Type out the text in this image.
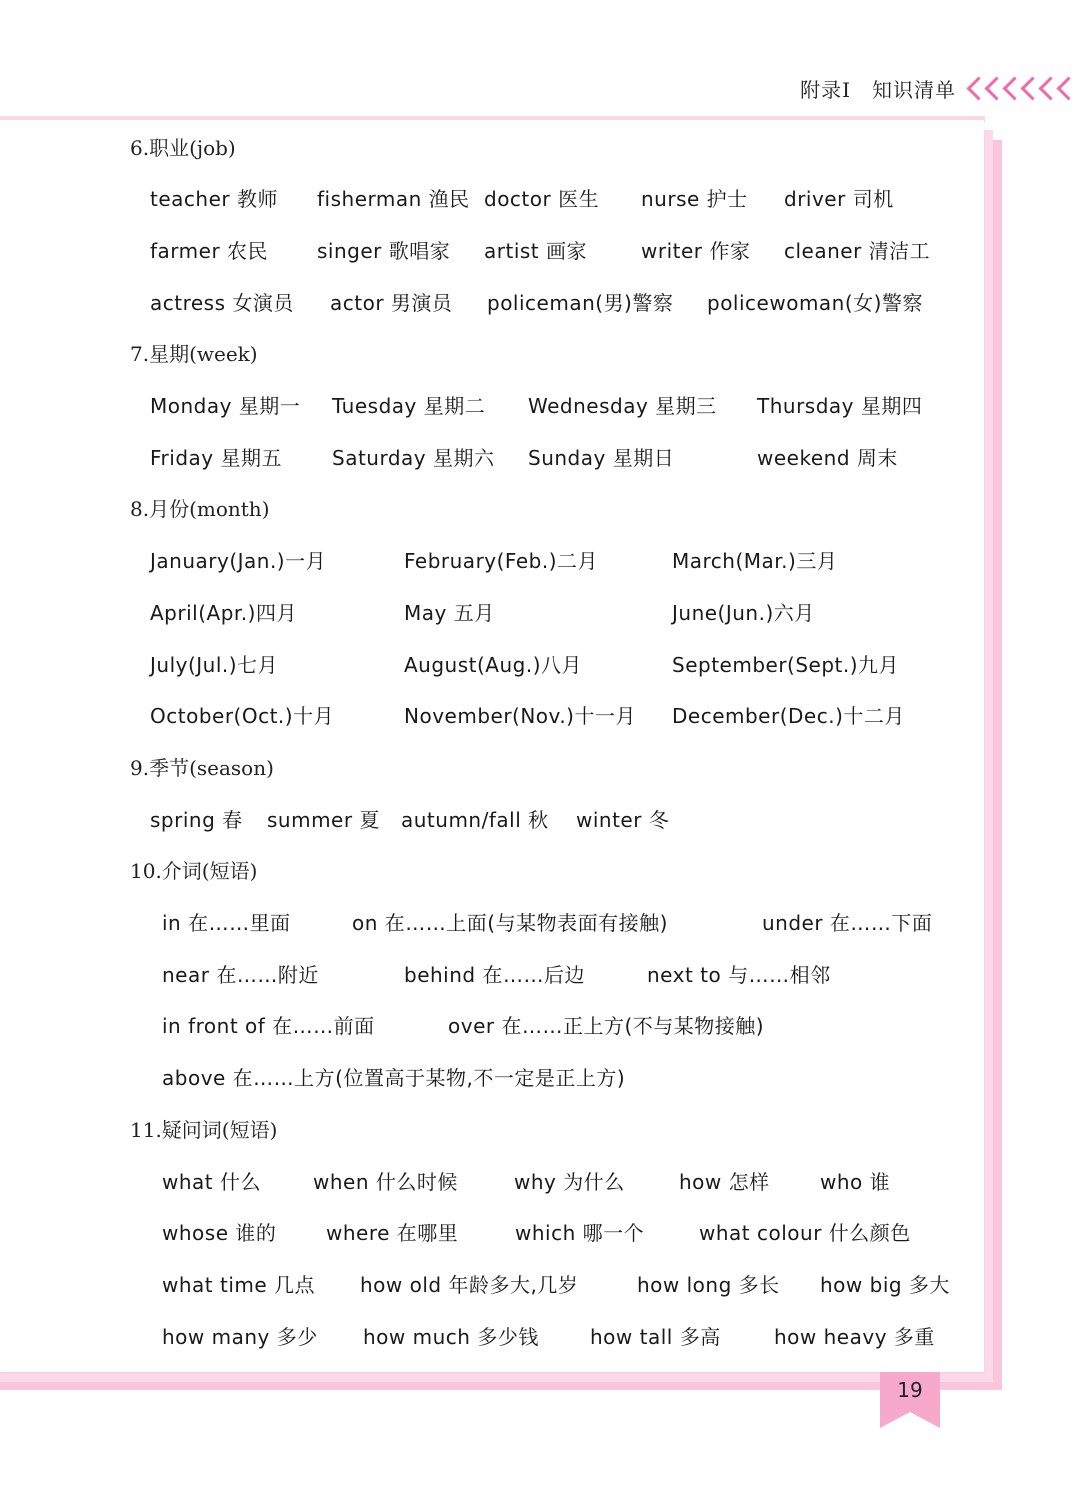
附录Ⅰ　知识清单
6.职业(job)
teacher 教师 fisherman 渔民 doctor 医生 nurse 护士 driver 司机
farmer 农民 singer 歌唱家 artist 画家	writer 作家 cleaner 清洁工
actress 女演员 actor 男演员 policeman(男)警察 policewoman(女)警察
7.星期(week)
Monday 星期一 Tuesday 星期二 Wednesday 星期三 Thursday 星期四
Friday 星期五	Saturday 星期六 Sunday 星期日	weekend 周末
8.月份(month)
January(Jan.)一月	February(Feb.)二月	March(Mar.)三月
April(Apr.)四月	May 五月	June(Jun.)六月
July(Jul.)七月	August(Aug.)八月	September(Sept.)九月
October(Oct.)十月	November(Nov.)十一月 December(Dec.)十二月
9.季节(season)
spring 春 summer 夏 autumn/fall 秋 winter 冬
10.介词(短语)
in 在……里面	on 在……上面(与某物表面有接触)	under 在……下面
near 在……附近	behind 在……后边	next to 与……相邻
in front of 在……前面	over 在……正上方(不与某物接触)
above 在……上方(位置高于某物,不一定是正上方)
11.疑问词(短语)
what 什么	when 什么时候	why 为什么	how 怎样	who 谁
whose 谁的 where 在哪里	which 哪一个	what colour 什么颜色
what time 几点 how old 年龄多大,几岁	how long 多长 how big 多大
how many 多少 how much 多少钱	how tall 多高	how heavy 多重
19
